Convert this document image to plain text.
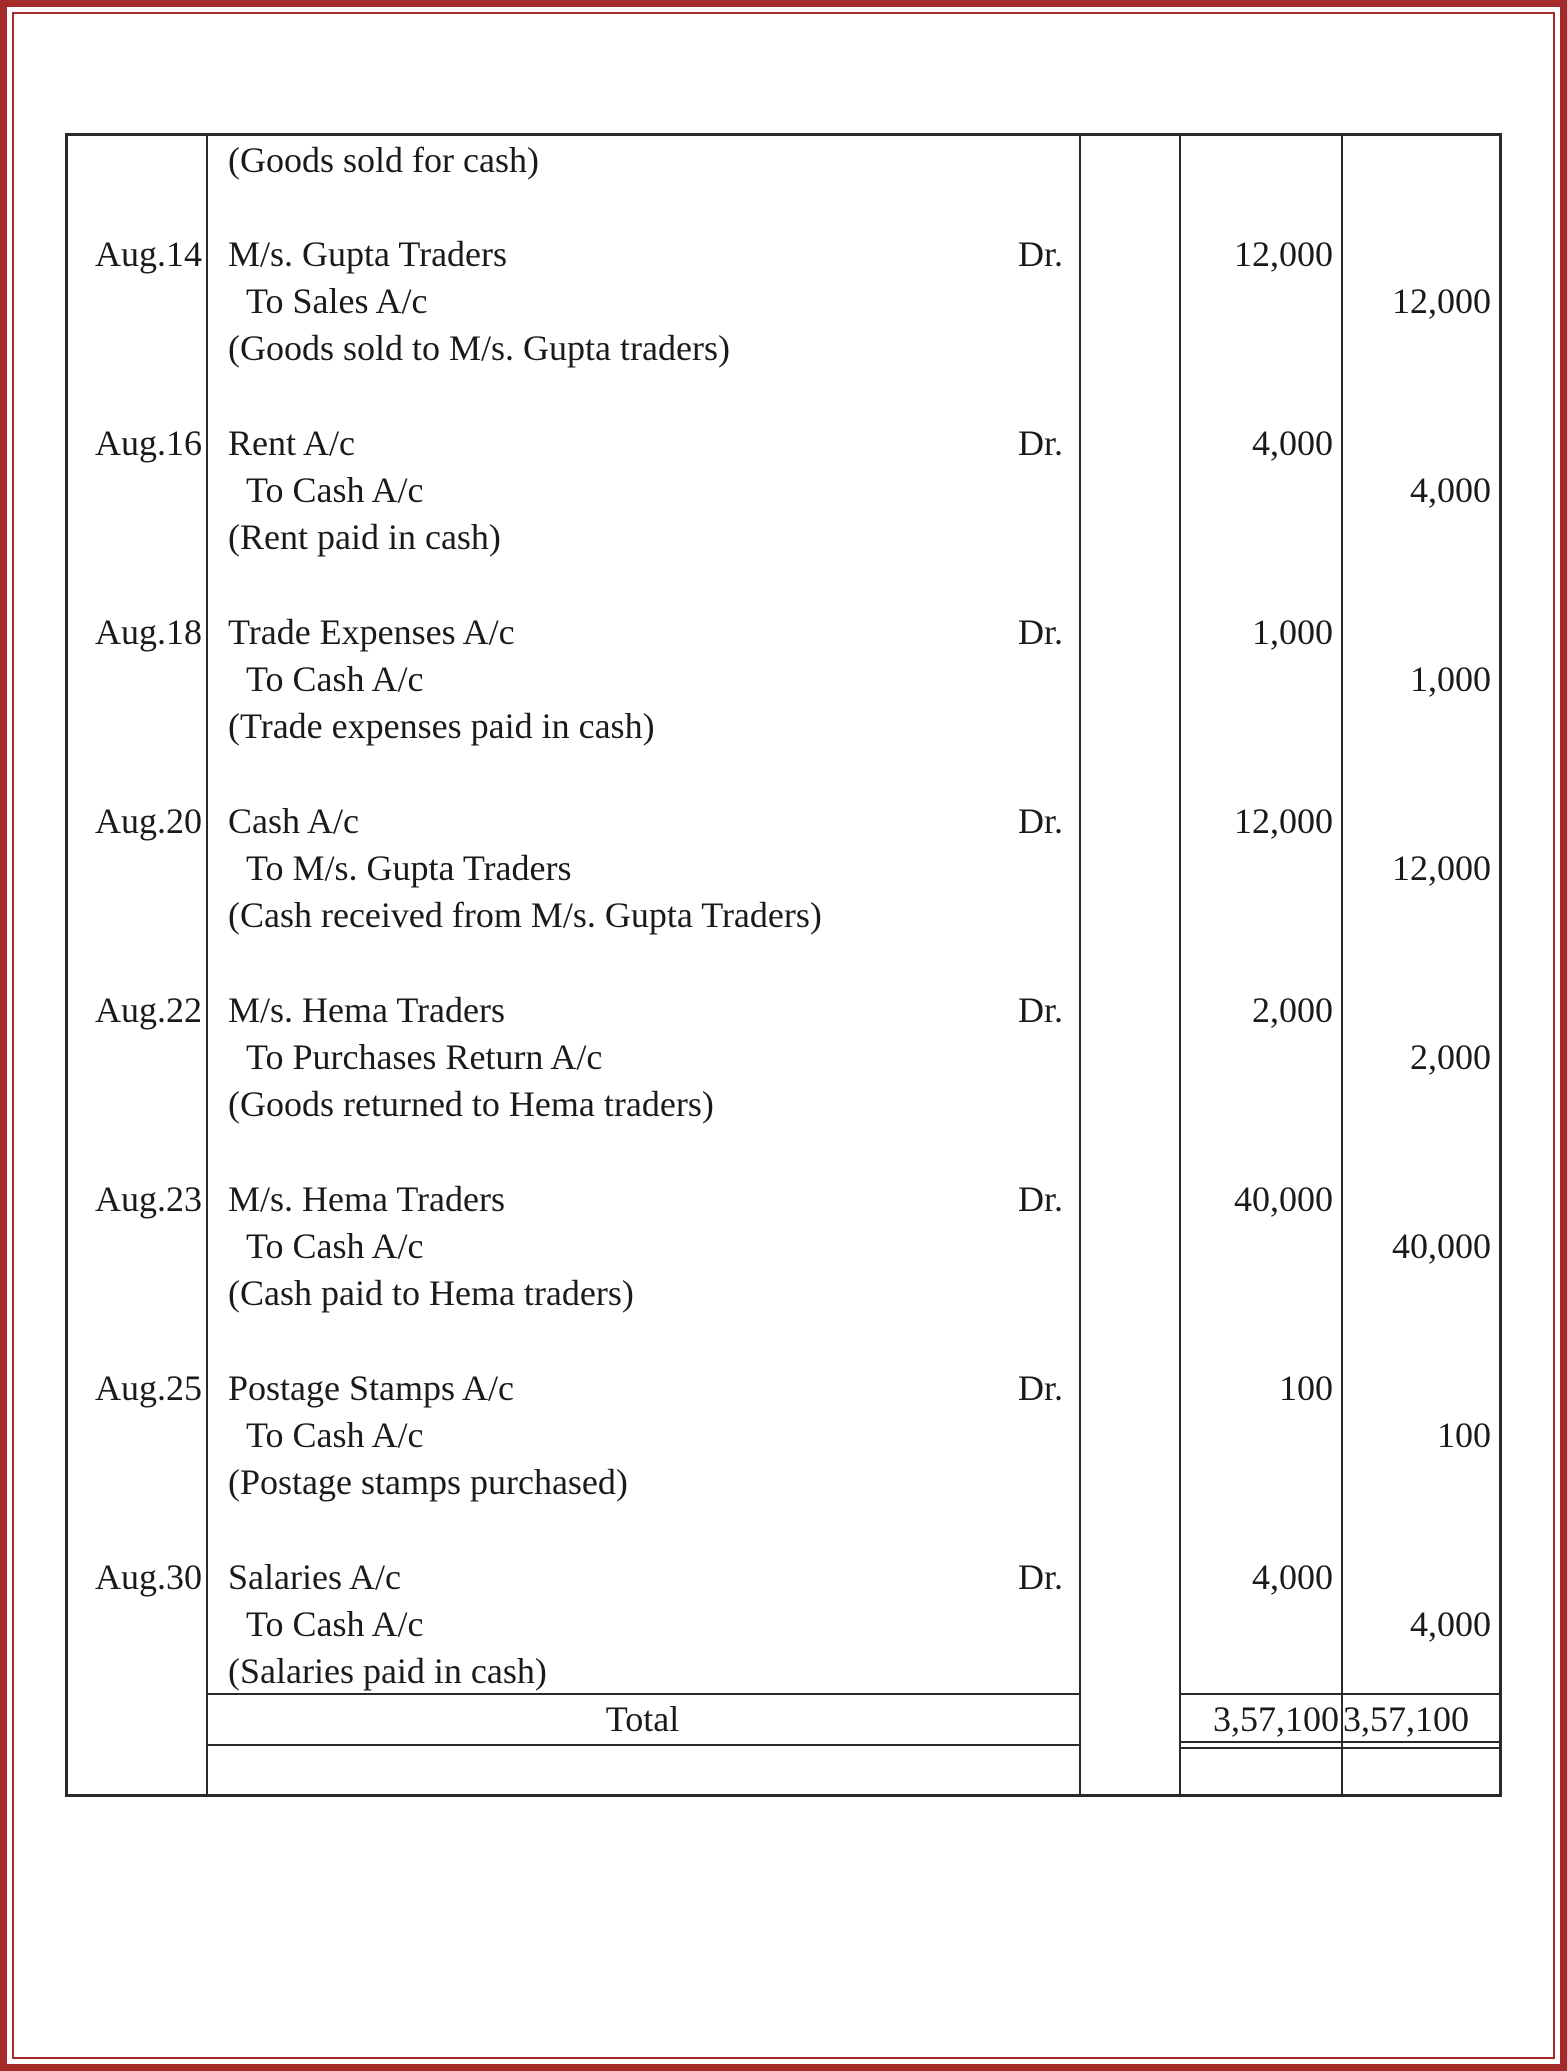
(Goods sold for cash)
Aug.14 M/s. Gupta Traders	Dr.	12,000
To Sales A/c	12,000
(Goods sold to M/s. Gupta traders)
Aug.16 Rent A/c	Dr.	4,000
To Cash A/c	4,000
(Rent paid in cash)
Aug.18 Trade Expenses A/c	Dr.	1,000
To Cash A/c	1,000
(Trade expenses paid in cash)
Aug.20 Cash A/c	Dr.	12,000
To M/s. Gupta Traders	12,000
(Cash received from M/s. Gupta Traders)
Aug.22 M/s. Hema Traders	Dr.	2,000
To Purchases Return A/c	2,000
(Goods returned to Hema traders)
Aug.23 M/s. Hema Traders	Dr.	40,000
To Cash A/c	40,000
(Cash paid to Hema traders)
Aug.25 Postage Stamps A/c	Dr.	100
To Cash A/c	100
(Postage stamps purchased)
Aug.30 Salaries A/c	Dr.	4,000
To Cash A/c	4,000
(Salaries paid in cash)
Total	3,57,100 3,57,100
